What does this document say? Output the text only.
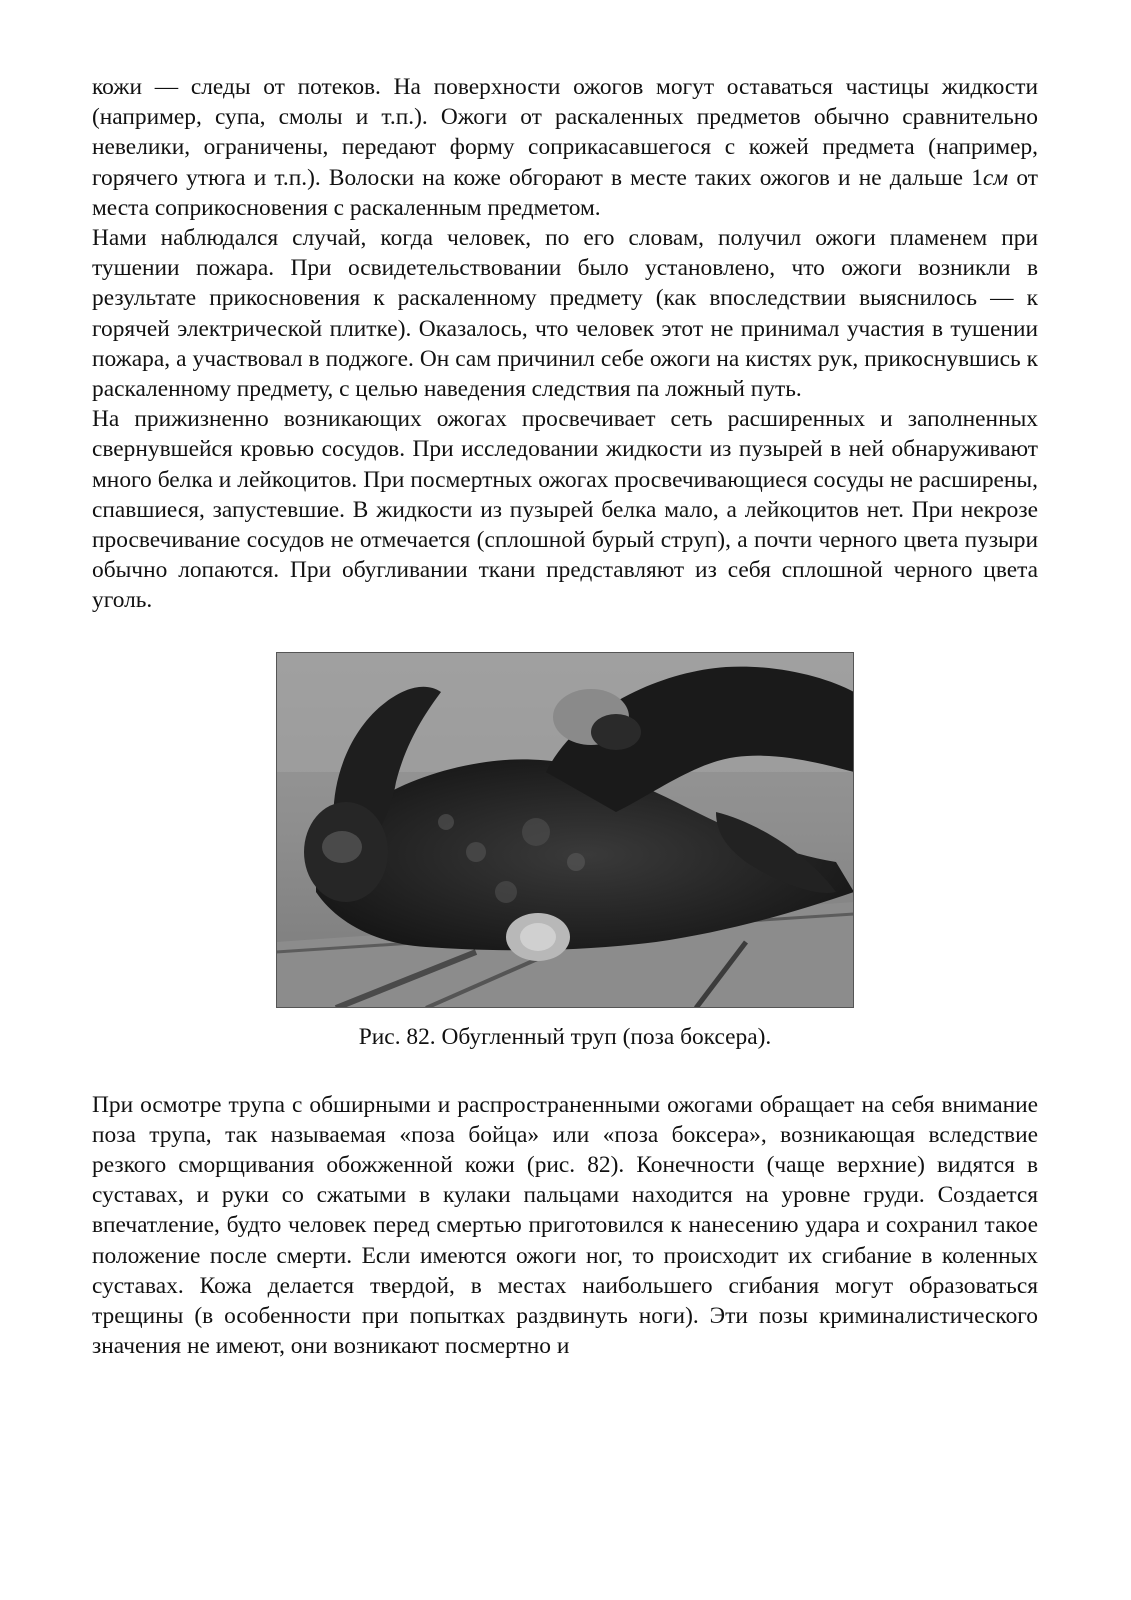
кожи — следы от потеков. На поверхности ожогов могут оставаться частицы жидкости (например, супа, смолы и т.п.). Ожоги от раскаленных предметов обычно сравнительно невелики, ограничены, передают форму соприкасавшегося с кожей предмета (например, горячего утюга и т.п.). Волоски на коже обгорают в месте таких ожогов и не дальше 1см от места соприкосновения с раскаленным предметом.

Нами наблюдался случай, когда человек, по его словам, получил ожоги пламенем при тушении пожара. При освидетельствовании было установлено, что ожоги возникли в результате прикосновения к раскаленному предмету (как впоследствии выяснилось — к горячей электрической плитке). Оказалось, что человек этот не принимал участия в тушении пожара, а участвовал в поджоге. Он сам причинил себе ожоги на кистях рук, прикоснувшись к раскаленному предмету, с целью наведения следствия па ложный путь.

На прижизненно возникающих ожогах просвечивает сеть расширенных и заполненных свернувшейся кровью сосудов. При исследовании жидкости из пузырей в ней обнаруживают много белка и лейкоцитов. При посмертных ожогах просвечивающиеся сосуды не расширены, спавшиеся, запустевшие. В жидкости из пузырей белка мало, а лейкоцитов нет. При некрозе просвечивание сосудов не отмечается (сплошной бурый струп), а почти черного цвета пузыри обычно лопаются. При обугливании ткани представляют из себя сплошной черного цвета уголь.

Рис. 82. Обугленный труп (поза боксера).

При осмотре трупа с обширными и распространенными ожогами обращает на себя внимание поза трупа, так называемая «поза бойца» или «поза боксера», возникающая вследствие резкого сморщивания обожженной кожи (рис. 82). Конечности (чаще верхние) видятся в суставах, и руки со сжатыми в кулаки пальцами находится на уровне груди. Создается впечатление, будто человек перед смертью приготовился к нанесению удара и сохранил такое положение после смерти. Если имеются ожоги ног, то происходит их сгибание в коленных суставах. Кожа делается твердой, в местах наибольшего сгибания могут образоваться трещины (в особенности при попытках раздвинуть ноги). Эти позы криминалистического значения не имеют, они возникают посмертно и
